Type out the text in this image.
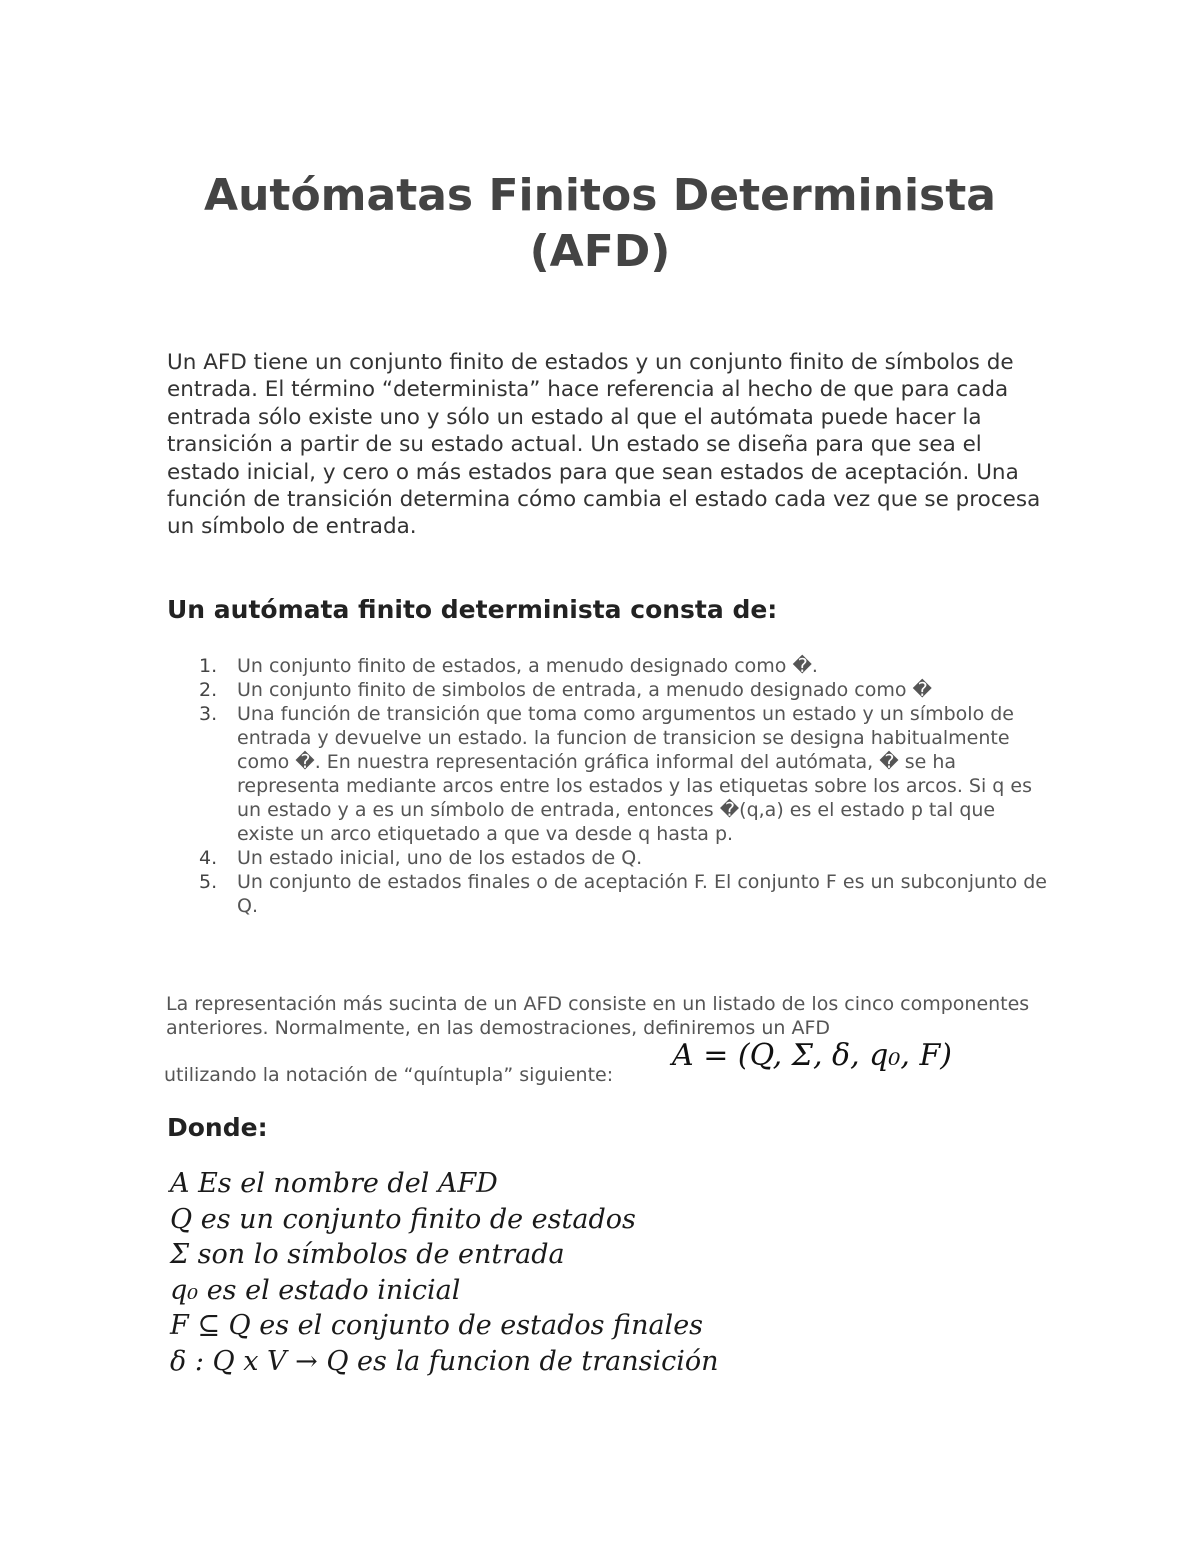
Autómatas Finitos Determinista
(AFD)

Un AFD tiene un conjunto finito de estados y un conjunto finito de símbolos de entrada. El término “determinista” hace referencia al hecho de que para cada entrada sólo existe uno y sólo un estado al que el autómata puede hacer la transición a partir de su estado actual. Un estado se diseña para que sea el estado inicial, y cero o más estados para que sean estados de aceptación. Una función de transición determina cómo cambia el estado cada vez que se procesa un símbolo de entrada.

Un autómata finito determinista consta de:
1.	Un conjunto finito de estados, a menudo designado como �.
2.	Un conjunto finito de simbolos de entrada, a menudo designado como �
3.	Una función de transición que toma como argumentos un estado y un símbolo de entrada y devuelve un estado. la funcion de transicion se designa habitualmente como �. En nuestra representación gráfica informal del autómata, � se ha representa mediante arcos entre los estados y las etiquetas sobre los arcos. Si q es un estado y a es un símbolo de entrada, entonces �(q,a) es el estado p tal que existe un arco etiquetado a que va desde q hasta p.
4.	Un estado inicial, uno de los estados de Q.
5.	Un conjunto de estados finales o de aceptación F. El conjunto F es un subconjunto de Q.

La representación más sucinta de un AFD consiste en un listado de los cinco componentes anteriores. Normalmente, en las demostraciones, definiremos un AFD

utilizando la notación de “quíntupla” siguiente:
A = (Q, Σ, δ, q₀, F)
Donde:
A Es el nombre del AFD
Q es un conjunto finito de estados
Σ son lo símbolos de entrada
q₀ es el estado inicial
F ⊆ Q es el conjunto de estados finales
δ : Q x V → Q es la funcion de transición
